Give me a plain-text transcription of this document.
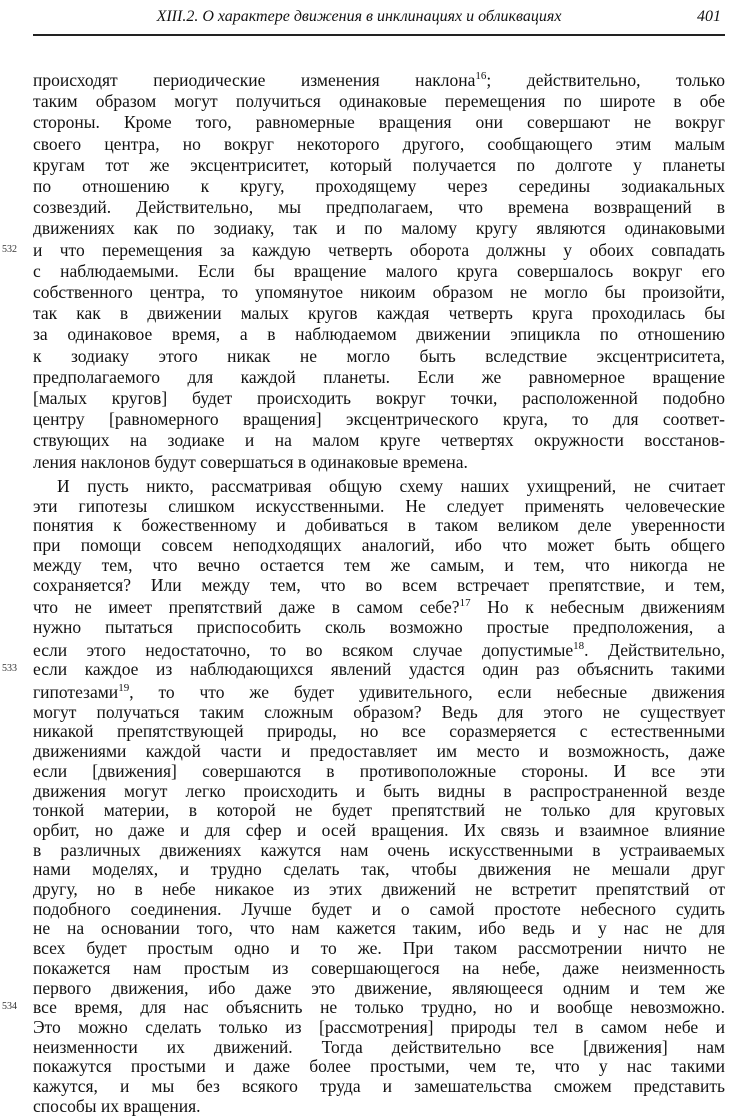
XIII.2. О характере движения в инклинациях и обликвациях	401
происходят периодические изменения наклона$^{16}$; действительно, только
таким образом могут получиться одинаковые перемещения по широте в обе
стороны. Кроме того, равномерные вращения они совершают не вокруг
своего центра, но вокруг некоторого другого, сообщающего этим малым
кругам тот же эксцентриситет, который получается по долготе у планеты
по отношению к кругу, проходящему через середины зодиакальных
созвездий. Действительно, мы предполагаем, что времена возвращений в
движениях как по зодиаку, так и по малому кругу являются одинаковыми
и что перемещения за каждую четверть оборота должны у обоих совпадать
с наблюдаемыми. Если бы вращение малого круга совершалось вокруг его
собственного центра, то упомянутое никоим образом не могло бы произойти,
так как в движении малых кругов каждая четверть круга проходилась бы
за одинаковое время, а в наблюдаемом движении эпицикла по отношению
к зодиаку этого никак не могло быть вследствие эксцентриситета,
предполагаемого для каждой планеты. Если же равномерное вращение
[малых кругов] будет происходить вокруг точки, расположенной подобно
центру [равномерного вращения] эксцентрического круга, то для соответ-
ствующих на зодиаке и на малом круге четвертях окружности восстанов-
ления наклонов будут совершаться в одинаковые времена.
И пусть никто, рассматривая общую схему наших ухищрений, не считает
эти гипотезы слишком искусственными. Не следует применять человеческие
понятия к божественному и добиваться в таком великом деле уверенности
при помощи совсем неподходящих аналогий, ибо что может быть общего
между тем, что вечно остается тем же самым, и тем, что никогда не
сохраняется? Или между тем, что во всем встречает препятствие, и тем,
что не имеет препятствий даже в самом себе?$^{17}$ Но к небесным движениям
нужно пытаться приспособить сколь возможно простые предположения, а
если этого недостаточно, то во всяком случае допустимые$^{18}$. Действительно,
если каждое из наблюдающихся явлений удастся один раз объяснить такими
гипотезами$^{19}$, то что же будет удивительного, если небесные движения
могут получаться таким сложным образом? Ведь для этого не существует
никакой препятствующей природы, но все соразмеряется с естественными
движениями каждой части и предоставляет им место и возможность, даже
если [движения] совершаются в противоположные стороны. И все эти
движения могут легко происходить и быть видны в распространенной везде
тонкой материи, в которой не будет препятствий не только для круговых
орбит, но даже и для сфер и осей вращения. Их связь и взаимное влияние
в различных движениях кажутся нам очень искусственными в устраиваемых
нами моделях, и трудно сделать так, чтобы движения не мешали друг
другу, но в небе никакое из этих движений не встретит препятствий от
подобного соединения. Лучше будет и о самой простоте небесного судить
не на основании того, что нам кажется таким, ибо ведь и у нас не для
всех будет простым одно и то же. При таком рассмотрении ничто не
покажется нам простым из совершающегося на небе, даже неизменность
первого движения, ибо даже это движение, являющееся одним и тем же
все время, для нас объяснить не только трудно, но и вообще невозможно.
Это можно сделать только из [рассмотрения] природы тел в самом небе и
неизменности их движений. Тогда действительно все [движения] нам
покажутся простыми и даже более простыми, чем те, что у нас такими
кажутся, и мы без всякого труда и замешательства сможем представить
способы их вращения.
532
533
534
